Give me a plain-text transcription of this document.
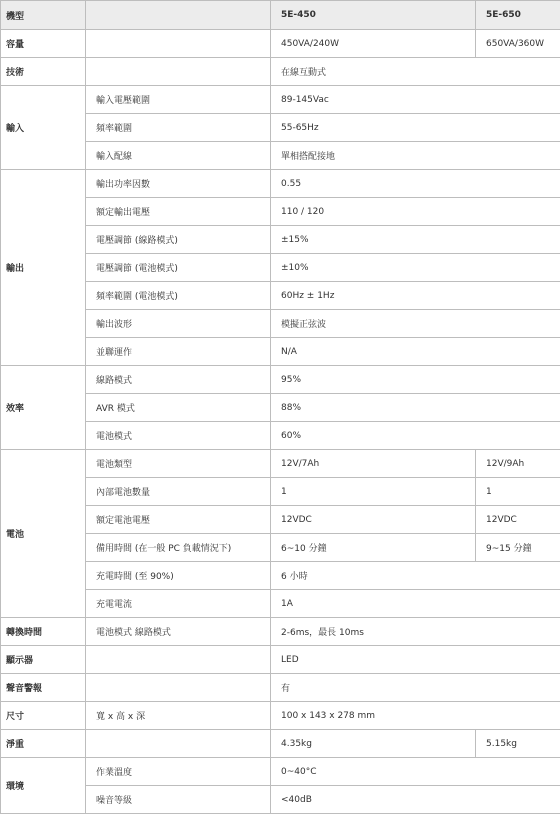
機型		5E-450	5E-650
容量		450VA/240W	650VA/360W
技術		在線互動式	
輸入	輸入電壓範圍	89-145Vac	
	頻率範圍	55-65Hz	
	輸入配線	單相搭配接地	
輸出	輸出功率因數	0.55	
	額定輸出電壓	110 / 120	
	電壓調節 (線路模式)	±15%	
	電壓調節 (電池模式)	±10%	
	頻率範圍 (電池模式)	60Hz ± 1Hz	
	輸出波形	模擬正弦波	
	並聯運作	N/A	
效率	線路模式	95%	
	AVR 模式	88%	
	電池模式	60%	
電池	電池類型	12V/7Ah	12V/9Ah
	內部電池數量	1	1
	額定電池電壓	12VDC	12VDC
	備用時間 (在一般 PC 負載情況下)	6~10 分鐘	9~15 分鐘
	充電時間 (至 90%)	6 小時	
	充電電流	1A	
轉換時間	電池模式 線路模式	2-6ms，最長 10ms	
顯示器		LED	
聲音警報		有	
尺寸	寬 x 高 x 深	100 x 143 x 278 mm	
淨重		4.35kg	5.15kg
環境	作業溫度	0~40°C	
	噪音等級	<40dB	
